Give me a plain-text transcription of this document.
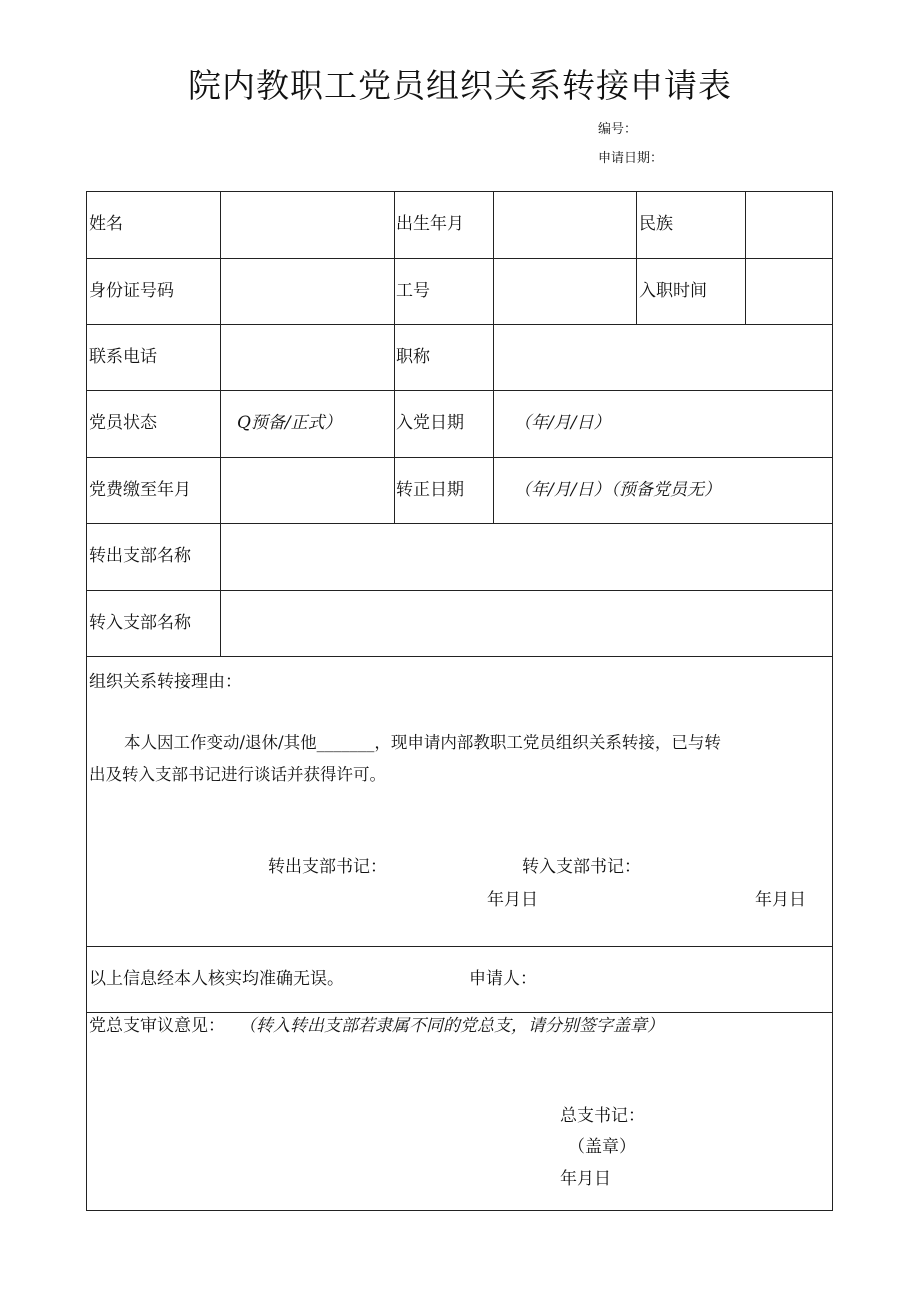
院内教职工党员组织关系转接申请表
编号：
申请日期：
姓名	出生年月	民族
身份证号码	工号	入职时间
联系电话	职称
党员状态	Q预备/正式）	入党日期	（年/月/日）
党费缴至年月	转正日期	（年/月/日）（预备党员无）
转出支部名称
转入支部名称
组织关系转接理由：
本人因工作变动/退休/其他_______，现申请内部教职工党员组织关系转接，已与转
出及转入支部书记进行谈话并获得许可。
转出支部书记：	转入支部书记：
年月日	年月日
以上信息经本人核实均准确无误。	申请人：
党总支审议意见： （转入转出支部若隶属不同的党总支，请分别签字盖章）
总支书记：
（盖章）
年月日
